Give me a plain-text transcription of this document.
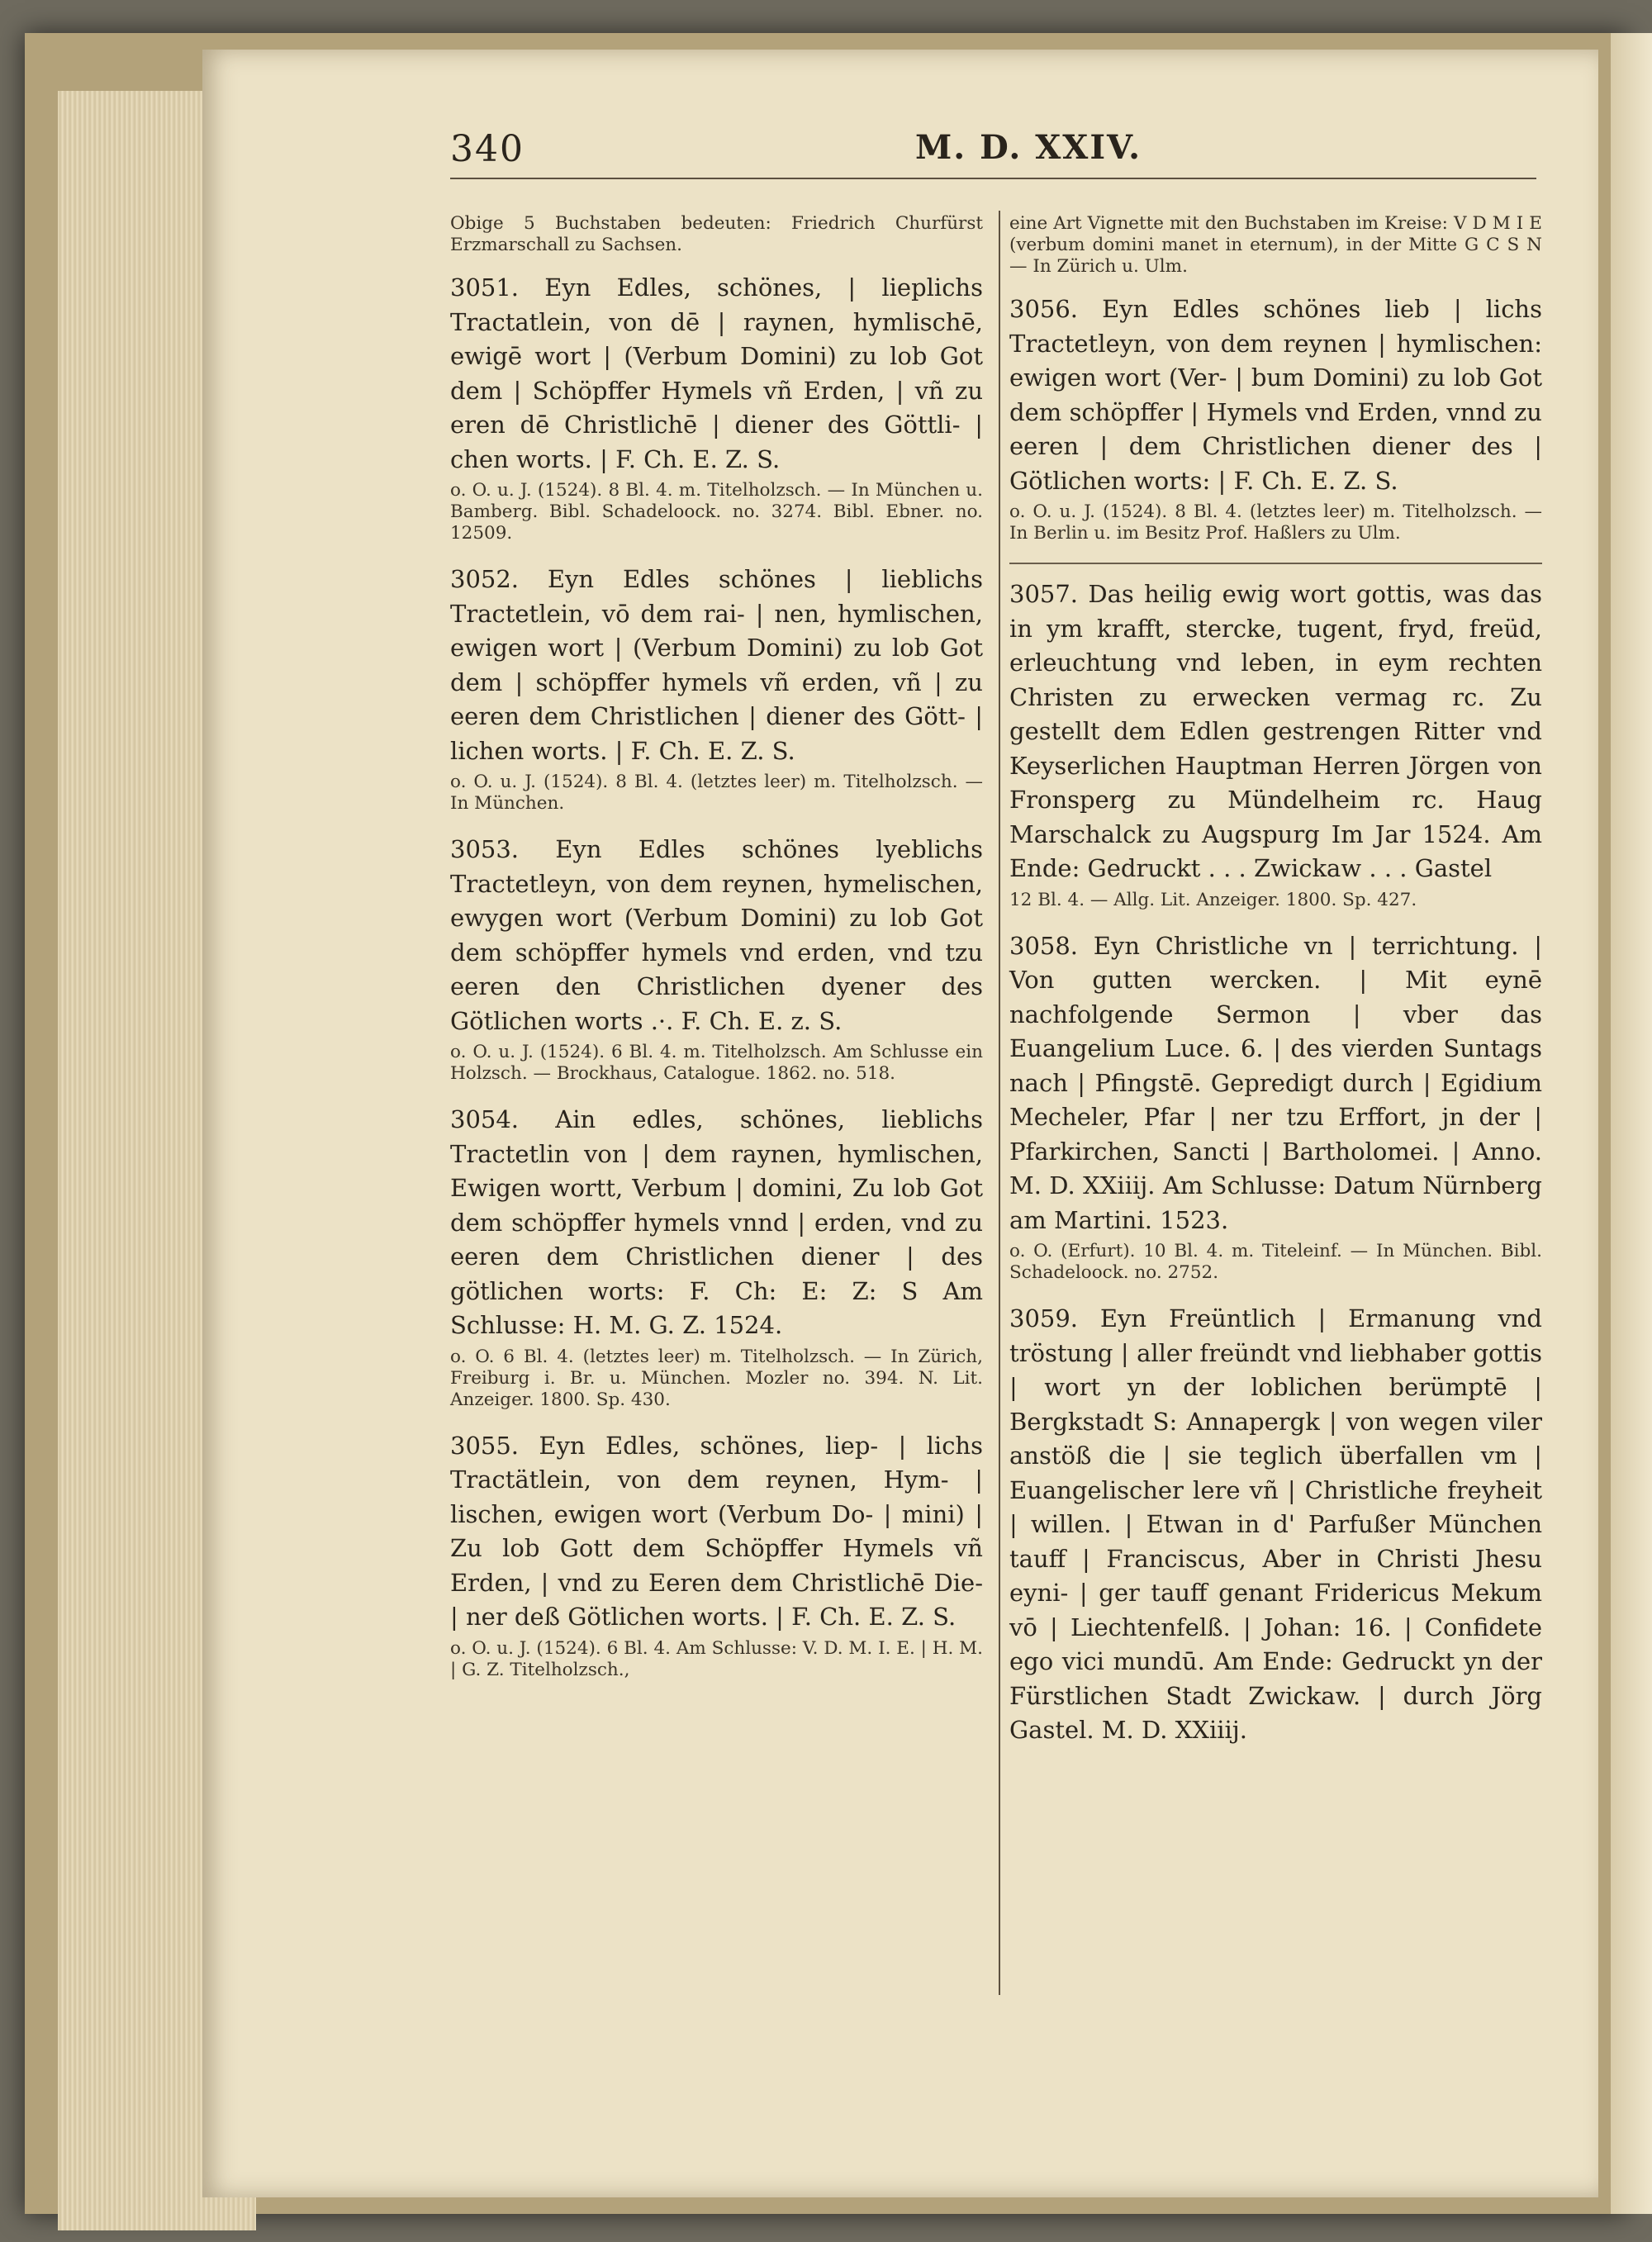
340	M. D. XXIV.

Obige 5 Buchstaben bedeuten: Friedrich Churfürst Erzmarschall zu Sachsen.

3051. Eyn Edles, schönes, | lieplichs Tractatlein, von dē | raynen, hymlischē, ewigē wort | (Verbum Domini) zu lob Got dem | Schöpffer Hymels vñ Erden, | vñ zu eren dē Christlichē | diener des Göttli- | chen worts. | F. Ch. E. Z. S.

o. O. u. J. (1524). 8 Bl. 4. m. Titelholzsch. — In München u. Bamberg. Bibl. Schadeloock. no. 3274. Bibl. Ebner. no. 12509.

3052. Eyn Edles schönes | lieblichs Tractetlein, vō dem rai- | nen, hymlischen, ewigen wort | (Verbum Domini) zu lob Got dem | schöpffer hymels vñ erden, vñ | zu eeren dem Christlichen | diener des Gött- | lichen worts. | F. Ch. E. Z. S.

o. O. u. J. (1524). 8 Bl. 4. (letztes leer) m. Titelholzsch. — In München.

3053. Eyn Edles schönes lyeblichs Tractetleyn, von dem reynen, hymelischen, ewygen wort (Verbum Domini) zu lob Got dem schöpffer hymels vnd erden, vnd tzu eeren den Christlichen dyener des Götlichen worts .·. F. Ch. E. z. S.

o. O. u. J. (1524). 6 Bl. 4. m. Titelholzsch. Am Schlusse ein Holzsch. — Brockhaus, Catalogue. 1862. no. 518.

3054. Ain edles, schönes, lieblichs Tractetlin von | dem raynen, hymlischen, Ewigen wortt, Verbum | domini, Zu lob Got dem schöpffer hymels vnnd | erden, vnd zu eeren dem Christlichen diener | des götlichen worts: F. Ch: E: Z: S Am Schlusse: H. M. G. Z. 1524.

o. O. 6 Bl. 4. (letztes leer) m. Titelholzsch. — In Zürich, Freiburg i. Br. u. München. Mozler no. 394. N. Lit. Anzeiger. 1800. Sp. 430.

3055. Eyn Edles, schönes, liep- | lichs Tractätlein, von dem reynen, Hym- | lischen, ewigen wort (Verbum Do- | mini) | Zu lob Gott dem Schöpffer Hymels vñ Erden, | vnd zu Eeren dem Christlichē Die- | ner deß Götlichen worts. | F. Ch. E. Z. S.

o. O. u. J. (1524). 6 Bl. 4. Am Schlusse: V. D. M. I. E. | H. M. | G. Z. Titelholzsch.,

eine Art Vignette mit den Buchstaben im Kreise: V D M I E (verbum domini manet in eternum), in der Mitte G C S N — In Zürich u. Ulm.

3056. Eyn Edles schönes lieb | lichs Tractetleyn, von dem reynen | hymlischen: ewigen wort (Ver- | bum Domini) zu lob Got dem schöpffer | Hymels vnd Erden, vnnd zu eeren | dem Christlichen diener des | Götlichen worts: | F. Ch. E. Z. S.

o. O. u. J. (1524). 8 Bl. 4. (letztes leer) m. Titelholzsch. — In Berlin u. im Besitz Prof. Haßlers zu Ulm.

3057. Das heilig ewig wort gottis, was das in ym krafft, stercke, tugent, fryd, freüd, erleuchtung vnd leben, in eym rechten Christen zu erwecken vermag rc. Zu gestellt dem Edlen gestrengen Ritter vnd Keyserlichen Hauptman Herren Jörgen von Fronsperg zu Mündelheim rc. Haug Marschalck zu Augspurg Im Jar 1524. Am Ende: Gedruckt . . . Zwickaw . . . Gastel

12 Bl. 4. — Allg. Lit. Anzeiger. 1800. Sp. 427.

3058. Eyn Christliche vn | terrichtung. | Von gutten wercken. | Mit eynē nachfolgende Sermon | vber das Euangelium Luce. 6. | des vierden Suntags nach | Pfingstē. Gepredigt durch | Egidium Mecheler, Pfar | ner tzu Erffort, jn der | Pfarkirchen, Sancti | Bartholomei. | Anno. M. D. XXiiij. Am Schlusse: Datum Nürnberg am Martini. 1523.

o. O. (Erfurt). 10 Bl. 4. m. Titeleinf. — In München. Bibl. Schadeloock. no. 2752.

3059. Eyn Freüntlich | Ermanung vnd tröstung | aller freündt vnd liebhaber gottis | wort yn der loblichen berümptē | Bergkstadt S: Annapergk | von wegen viler anstöß die | sie teglich überfallen vm | Euangelischer lere vñ | Christliche freyheit | willen. | Etwan in d' Parfußer München tauff | Franciscus, Aber in Christi Jhesu eyni- | ger tauff genant Fridericus Mekum vō | Liechtenfelß. | Johan: 16. | Confidete ego vici mundū. Am Ende: Gedruckt yn der Fürstlichen Stadt Zwickaw. | durch Jörg Gastel. M. D. XXiiij.
